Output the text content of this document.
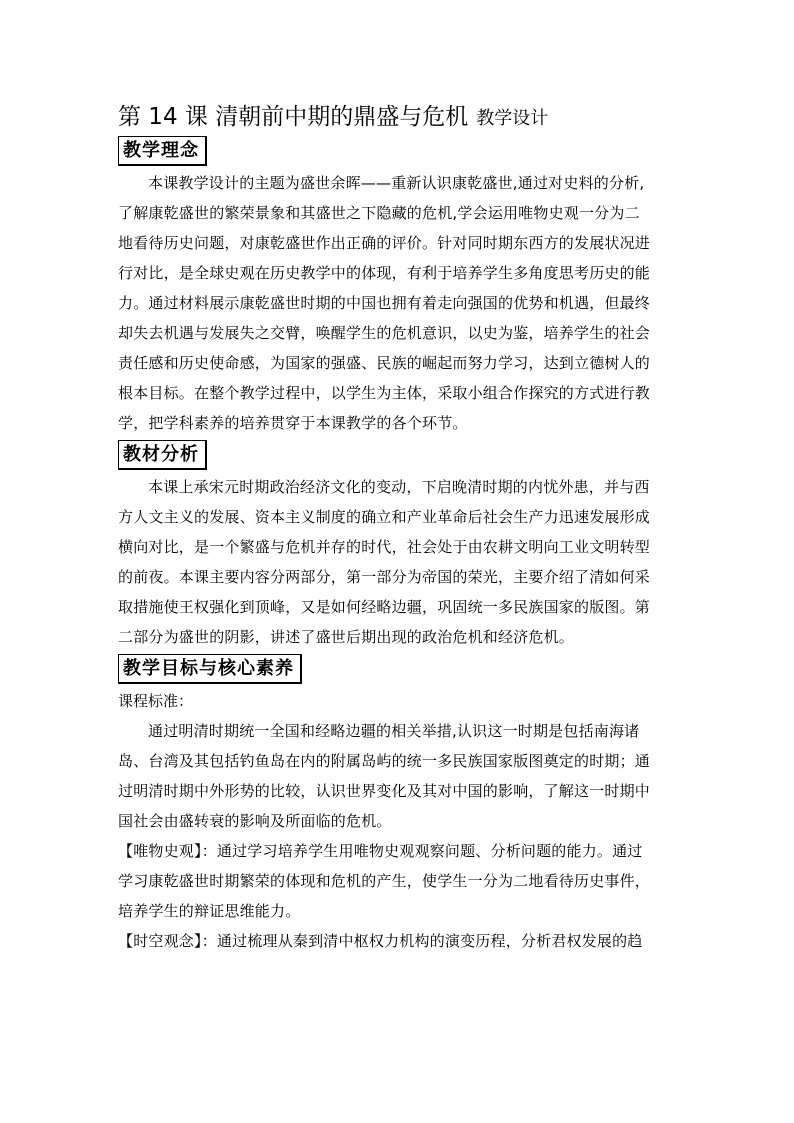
第 14 课 清朝前中期的鼎盛与危机 教学设计
教学理念
本课教学设计的主题为盛世余晖——重新认识康乾盛世,通过对史料的分析,
了解康乾盛世的繁荣景象和其盛世之下隐藏的危机,学会运用唯物史观一分为二
地看待历史问题，对康乾盛世作出正确的评价。针对同时期东西方的发展状况进
行对比，是全球史观在历史教学中的体现，有利于培养学生多角度思考历史的能
力。通过材料展示康乾盛世时期的中国也拥有着走向强国的优势和机遇，但最终
却失去机遇与发展失之交臂，唤醒学生的危机意识，以史为鉴，培养学生的社会
责任感和历史使命感，为国家的强盛、民族的崛起而努力学习，达到立德树人的
根本目标。在整个教学过程中，以学生为主体，采取小组合作探究的方式进行教
学，把学科素养的培养贯穿于本课教学的各个环节。
教材分析
本课上承宋元时期政治经济文化的变动，下启晚清时期的内忧外患，并与西
方人文主义的发展、资本主义制度的确立和产业革命后社会生产力迅速发展形成
横向对比，是一个繁盛与危机并存的时代，社会处于由农耕文明向工业文明转型
的前夜。本课主要内容分两部分，第一部分为帝国的荣光，主要介绍了清如何采
取措施使王权强化到顶峰，又是如何经略边疆，巩固统一多民族国家的版图。第
二部分为盛世的阴影，讲述了盛世后期出现的政治危机和经济危机。
教学目标与核心素养

课程标准：

通过明清时期统一全国和经略边疆的相关举措,认识这一时期是包括南海诸
岛、台湾及其包括钓鱼岛在内的附属岛屿的统一多民族国家版图奠定的时期；通
过明清时期中外形势的比较，认识世界变化及其对中国的影响，了解这一时期中
国社会由盛转衰的影响及所面临的危机。
【唯物史观】：通过学习培养学生用唯物史观观察问题、分析问题的能力。通过
学习康乾盛世时期繁荣的体现和危机的产生，使学生一分为二地看待历史事件，
培养学生的辩证思维能力。
【时空观念】：通过梳理从秦到清中枢权力机构的演变历程，分析君权发展的趋
